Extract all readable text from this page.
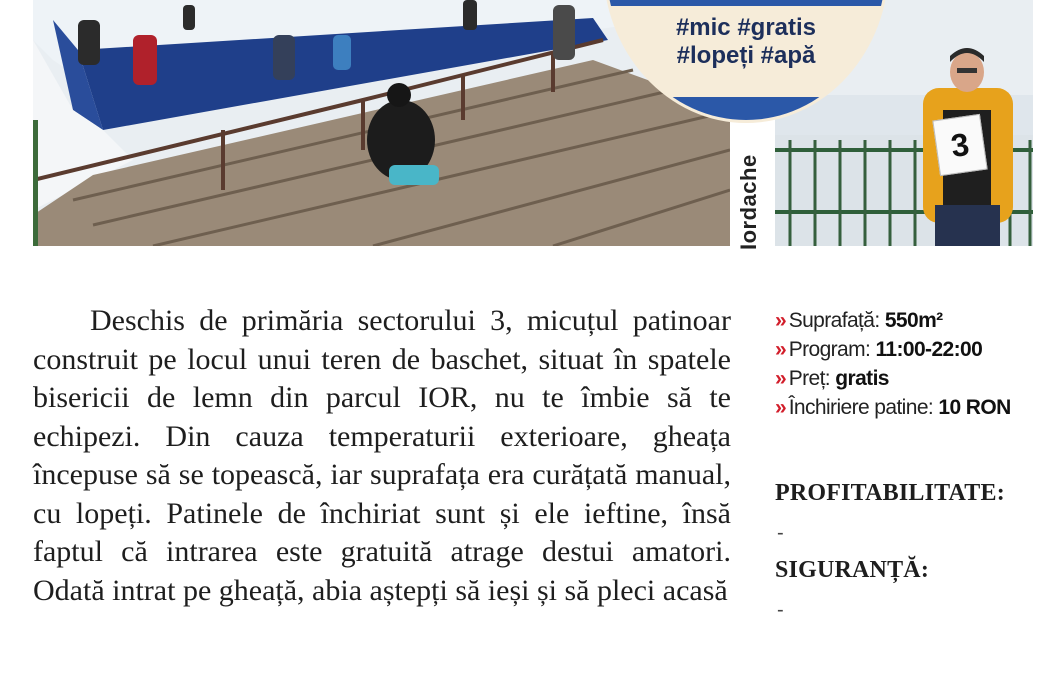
3
Iordache
#mic #gratis
#lopeți #apă

Deschis de primăria sectorului 3, micuțul patinoar construit pe locul unui teren de baschet, situat în spatele bisericii de lemn din parcul IOR, nu te îmbie să te echipezi. Din cauza temperaturii exterioare, gheața începuse să se topească, iar suprafața era curățată manual, cu lopeți. Patinele de închiriat sunt și ele ieftine, însă faptul că intrarea este gratuită atrage destui amatori. Odată intrat pe gheață, abia aștepți să ieși și să pleci acasă

» Suprafață: 550m²
» Program: 11:00-22:00
» Preț: gratis
» Închiriere patine: 10 RON
PROFITABILITATE:
-
SIGURANȚĂ:
-
